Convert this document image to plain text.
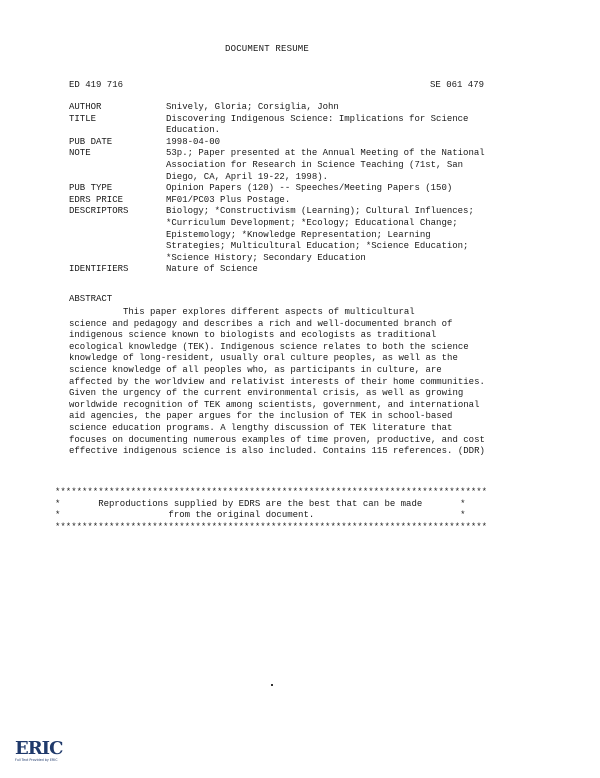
DOCUMENT RESUME
ED 419 716	SE 061 479
AUTHOR	Snively, Gloria; Corsiglia, John
TITLE	Discovering Indigenous Science: Implications for Science
Education.
PUB DATE	1998-04-00
NOTE	53p.; Paper presented at the Annual Meeting of the National
Association for Research in Science Teaching (71st, San
Diego, CA, April 19-22, 1998).
PUB TYPE	Opinion Papers (120) -- Speeches/Meeting Papers (150)
EDRS PRICE	MF01/PC03 Plus Postage.
DESCRIPTORS	Biology; *Constructivism (Learning); Cultural Influences;
*Curriculum Development; *Ecology; Educational Change;
Epistemology; *Knowledge Representation; Learning
Strategies; Multicultural Education; *Science Education;
*Science History; Secondary Education
IDENTIFIERS	Nature of Science
ABSTRACT
This paper explores different aspects of multicultural
science and pedagogy and describes a rich and well-documented branch of
indigenous science known to biologists and ecologists as traditional
ecological knowledge (TEK). Indigenous science relates to both the science
knowledge of long-resident, usually oral culture peoples, as well as the
science knowledge of all peoples who, as participants in culture, are
affected by the worldview and relativist interests of their home communities.
Given the urgency of the current environmental crisis, as well as growing
worldwide recognition of TEK among scientists, government, and international
aid agencies, the paper argues for the inclusion of TEK in school-based
science education programs. A lengthy discussion of TEK literature that
focuses on documenting numerous examples of time proven, productive, and cost
effective indigenous science is also included. Contains 115 references. (DDR)
********************************************************************************
*       Reproductions supplied by EDRS are the best that can be made       *
*                    from the original document.                           *
********************************************************************************
ERIC
Full Text Provided by ERIC
